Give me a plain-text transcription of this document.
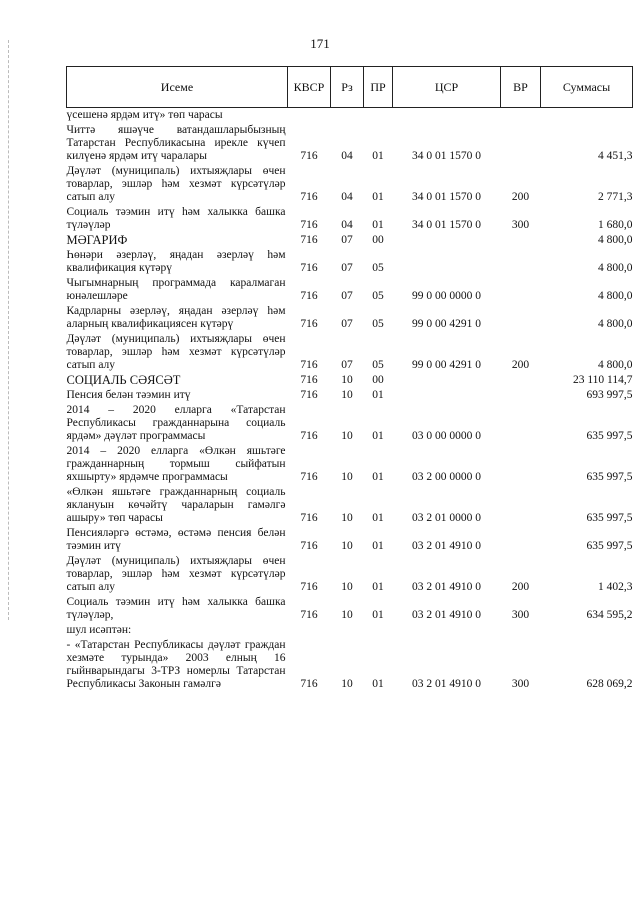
171
Исеме	КВСР	Рз	ПР	ЦСР	ВР	Суммасы
үсешенә ярдәм итү» төп чарасы						
Читтә яшәүче ватандашларыбызның Татарстан Республикасына ирекле күчеп килүенә ярдәм итү чаралары	716	04	01	34 0 01 1570 0		4 451,3
Дәүләт (муниципаль) ихтыяҗлары өчен товарлар, эшләр һәм хезмәт күрсәтүләр сатып алу	716	04	01	34 0 01 1570 0	200	2 771,3
Социаль тәэмин итү һәм халыкка башка түләүләр	716	04	01	34 0 01 1570 0	300	1 680,0
МӘГАРИФ	716	07	00			4 800,0
Һөнәри әзерләү, яңадан әзерләү һәм квалификация күтәрү	716	07	05			4 800,0
Чыгымнарның программада каралмаган юнәлешләре	716	07	05	99 0 00 0000 0		4 800,0
Кадрларны әзерләү, яңадан әзерләү һәм аларның квалификациясен күтәрү	716	07	05	99 0 00 4291 0		4 800,0
Дәүләт (муниципаль) ихтыяҗлары өчен товарлар, эшләр һәм хезмәт күрсәтүләр сатып алу	716	07	05	99 0 00 4291 0	200	4 800,0
СОЦИАЛЬ СӘЯСӘТ	716	10	00			23 110 114,7
Пенсия белән тәэмин итү	716	10	01			693 997,5
2014 – 2020 елларга «Татарстан Республикасы гражданнарына социаль ярдәм» дәүләт программасы	716	10	01	03 0 00 0000 0		635 997,5
2014 – 2020 елларга «Өлкән яшьтәге гражданнарның тормыш сыйфатын яхшырту» ярдәмче программасы	716	10	01	03 2 00 0000 0		635 997,5
«Өлкән яшьтәге гражданнарның социаль яклануын көчәйтү чараларын гамәлгә ашыру» төп чарасы	716	10	01	03 2 01 0000 0		635 997,5
Пенсияләргә өстәмә, өстәмә пенсия белән тәэмин итү	716	10	01	03 2 01 4910 0		635 997,5
Дәүләт (муниципаль) ихтыяҗлары өчен товарлар, эшләр һәм хезмәт күрсәтүләр сатып алу	716	10	01	03 2 01 4910 0	200	1 402,3
Социаль тәэмин итү һәм халыкка башка түләүләр,	716	10	01	03 2 01 4910 0	300	634 595,2
шул исәптән:						
- «Татарстан Республикасы дәүләт граждан хезмәте турында» 2003 елның 16 гыйнварындагы 3-ТРЗ номерлы Татарстан Республикасы Законын гамәлгә	716	10	01	03 2 01 4910 0	300	628 069,2
